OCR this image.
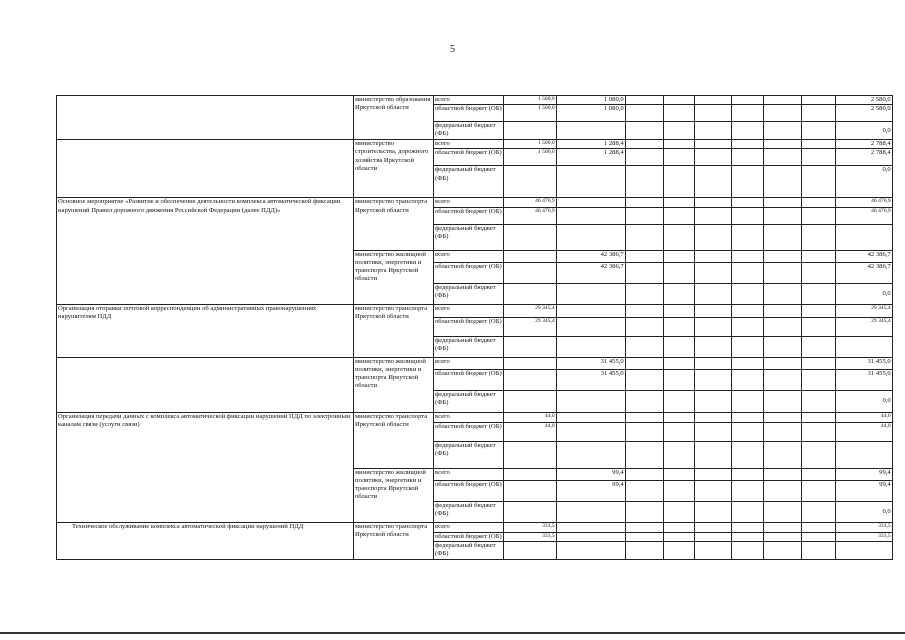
5
	министерство образования Иркутской области	всего	1 500,0	1 080,0							2 580,0
		областной бюджет (ОБ)	1 500,0	1 080,0							2 580,0
		федеральный бюджет (ФБ)									0,0
	министерство строительства, дорожного хозяйства Иркутской области	всего	1 500,0	1 288,4							2 788,4
		областной бюджет (ОБ)	1 500,0	1 288,4							2 788,4
		федеральный бюджет (ФБ)									0,0
Основное мероприятие «Развитие и обеспечение деятельности комплекса автоматической фиксации нарушений Правил дорожного движения Российской Федерации (далее ПДД)»	министерство транспорта Иркутской области	всего	46 476,9								46 476,9
		областной бюджет (ОБ)	46 476,9								46 476,9
		федеральный бюджет (ФБ)									
	министерство жилищной политики, энергетики и транспорта Иркутской области	всего		42 386,7							42 386,7
		областной бюджет (ОБ)		42 386,7							42 386,7
		федеральный бюджет (ФБ)									0,0
Организация отправки почтовой корреспонденции об административных правонарушениях нарушителям ПДД	министерство транспорта Иркутской области	всего	29 345,4								29 345,4
		областной бюджет (ОБ)	29 345,4								29 345,4
		федеральный бюджет (ФБ)									
	министерство жилищной политики, энергетики и транспорта Иркутской области	всего		31 455,0							31 455,0
		областной бюджет (ОБ)		31 455,0							31 455,0
		федеральный бюджет (ФБ)									0,0
Организация передачи данных с комплекса автоматической фиксации нарушений ПДД по электронным каналам связи (услуги связи)	министерство транспорта Иркутской области	всего	44,0								44,0
		областной бюджет (ОБ)	44,0								44,0
		федеральный бюджет (ФБ)									
	министерство жилищной политики, энергетики и транспорта Иркутской области	всего		99,4							99,4
		областной бюджет (ОБ)		99,4							99,4
		федеральный бюджет (ФБ)									0,0
Техническое обслуживание комплекса автоматической фиксации нарушений ПДД	министерство транспорта Иркутской области	всего	333,5								333,5
		областной бюджет (ОБ)	333,5								333,5
		федеральный бюджет (ФБ)									
